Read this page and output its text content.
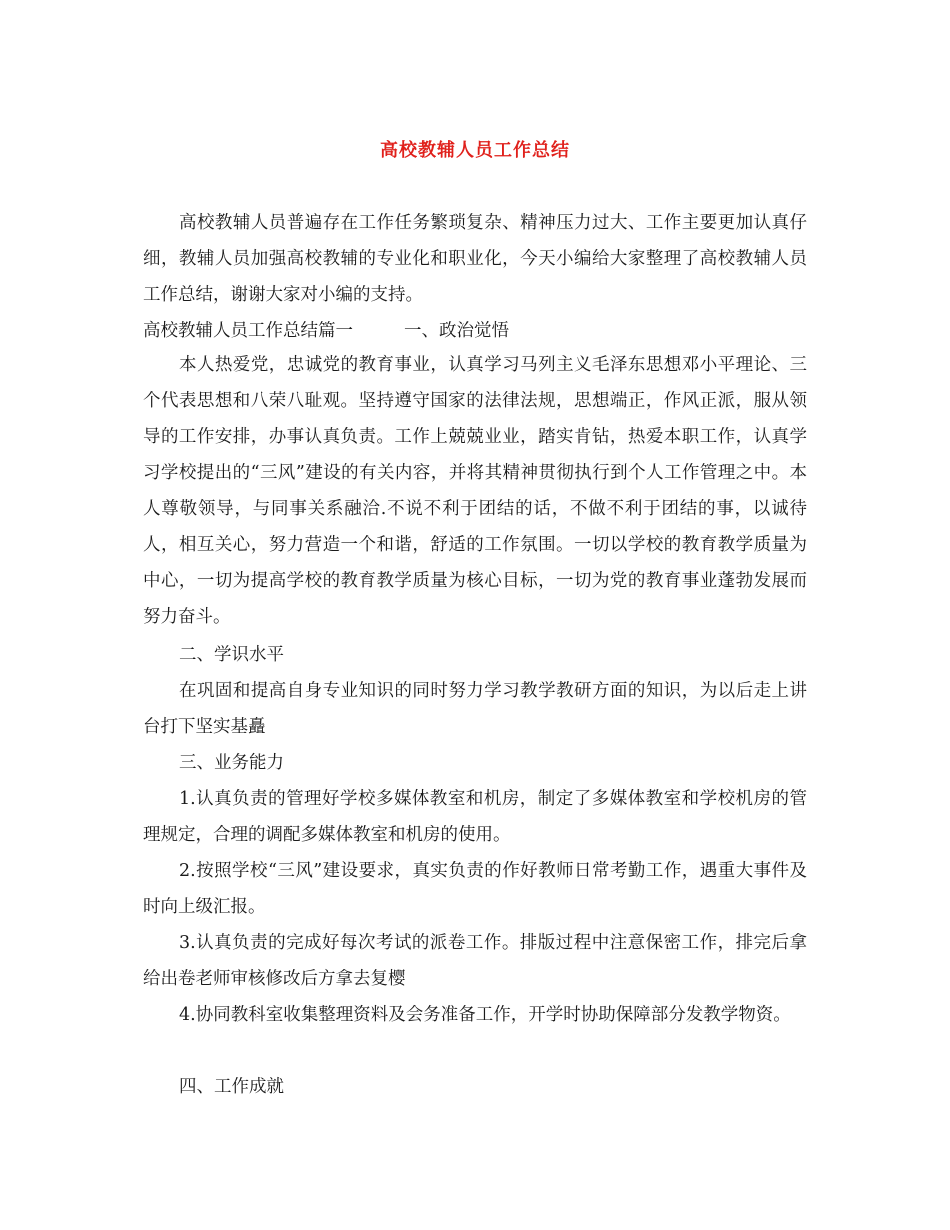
高校教辅人员工作总结
高校教辅人员普遍存在工作任务繁琐复杂、精神压力过大、工作主要更加认真仔细，教辅人员加强高校教辅的专业化和职业化，今天小编给大家整理了高校教辅人员工作总结，谢谢大家对小编的支持。
高校教辅人员工作总结篇一	一、政治觉悟
本人热爱党，忠诚党的教育事业，认真学习马列主义毛泽东思想邓小平理论、三个代表思想和八荣八耻观。坚持遵守国家的法律法规，思想端正，作风正派，服从领导的工作安排，办事认真负责。工作上兢兢业业，踏实肯钻，热爱本职工作，认真学习学校提出的“三风”建设的有关内容，并将其精神贯彻执行到个人工作管理之中。本人尊敬领导，与同事关系融洽.不说不利于团结的话，不做不利于团结的事，以诚待人，相互关心，努力营造一个和谐，舒适的工作氛围。一切以学校的教育教学质量为中心，一切为提高学校的教育教学质量为核心目标，一切为党的教育事业蓬勃发展而努力奋斗。
二、学识水平
在巩固和提高自身专业知识的同时努力学习教学教研方面的知识，为以后走上讲台打下坚实基矗
三、业务能力
1.认真负责的管理好学校多媒体教室和机房，制定了多媒体教室和学校机房的管理规定，合理的调配多媒体教室和机房的使用。
2.按照学校“三风”建设要求，真实负责的作好教师日常考勤工作，遇重大事件及时向上级汇报。
3.认真负责的完成好每次考试的派卷工作。排版过程中注意保密工作，排完后拿给出卷老师审核修改后方拿去复樱
4.协同教科室收集整理资料及会务准备工作，开学时协助保障部分发教学物资。
四、工作成就
